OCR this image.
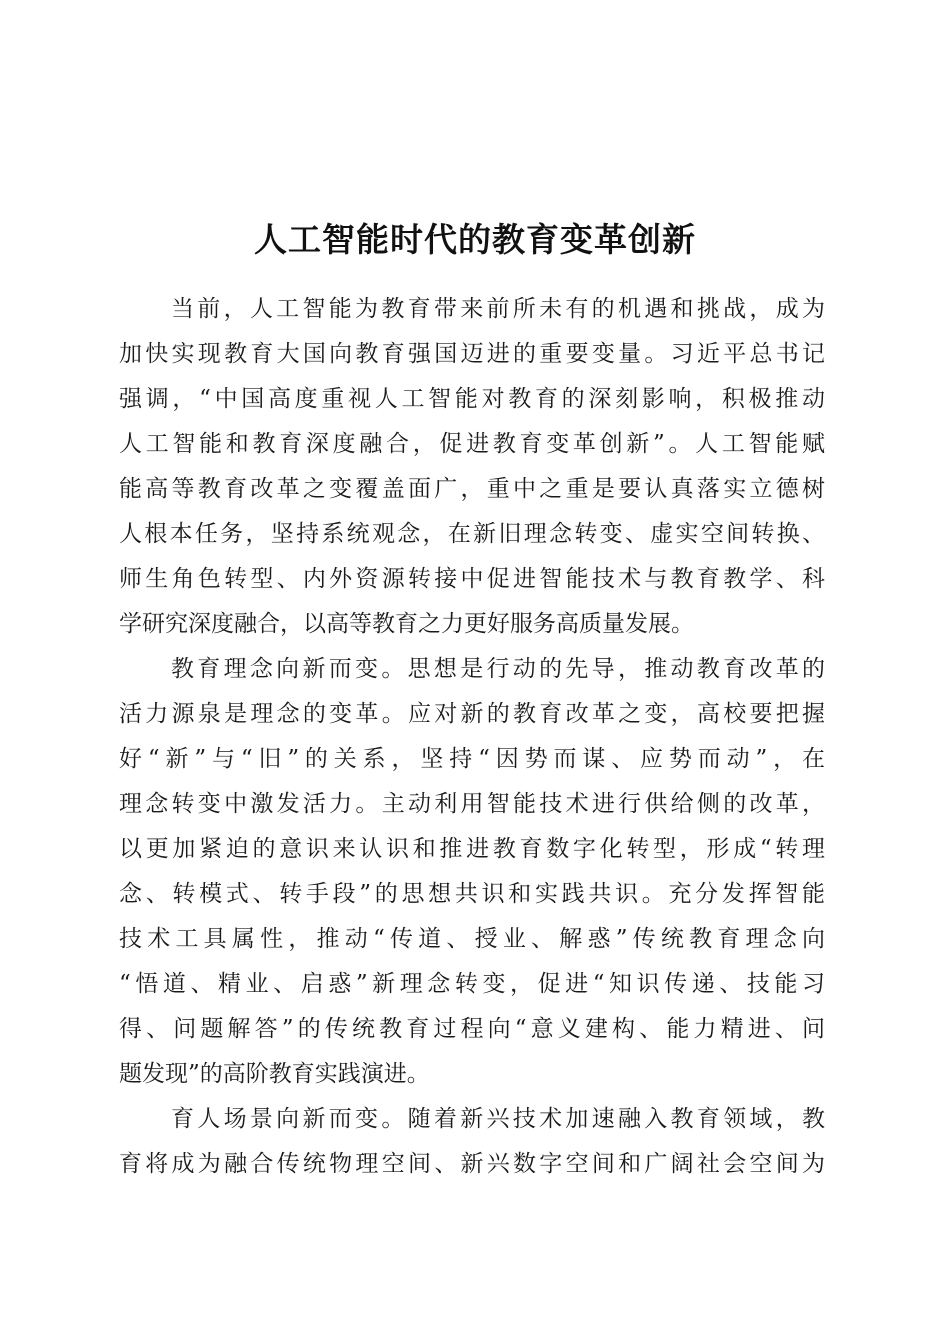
人工智能时代的教育变革创新

当前，人工智能为教育带来前所未有的机遇和挑战，成为
加快实现教育大国向教育强国迈进的重要变量。习近平总书记
强调，“中国高度重视人工智能对教育的深刻影响，积极推动
人工智能和教育深度融合，促进教育变革创新”。人工智能赋
能高等教育改革之变覆盖面广，重中之重是要认真落实立德树
人根本任务，坚持系统观念，在新旧理念转变、虚实空间转换、
师生角色转型、内外资源转接中促进智能技术与教育教学、科
学研究深度融合，以高等教育之力更好服务高质量发展。

教育理念向新而变。思想是行动的先导，推动教育改革的
活力源泉是理念的变革。应对新的教育改革之变，高校要把握
好“新”与“旧”的关系，坚持“因势而谋、应势而动”，在
理念转变中激发活力。主动利用智能技术进行供给侧的改革，
以更加紧迫的意识来认识和推进教育数字化转型，形成“转理
念、转模式、转手段”的思想共识和实践共识。充分发挥智能
技术工具属性，推动“传道、授业、解惑”传统教育理念向
“悟道、精业、启惑”新理念转变，促进“知识传递、技能习
得、问题解答”的传统教育过程向“意义建构、能力精进、问
题发现”的高阶教育实践演进。

育人场景向新而变。随着新兴技术加速融入教育领域，教
育将成为融合传统物理空间、新兴数字空间和广阔社会空间为
